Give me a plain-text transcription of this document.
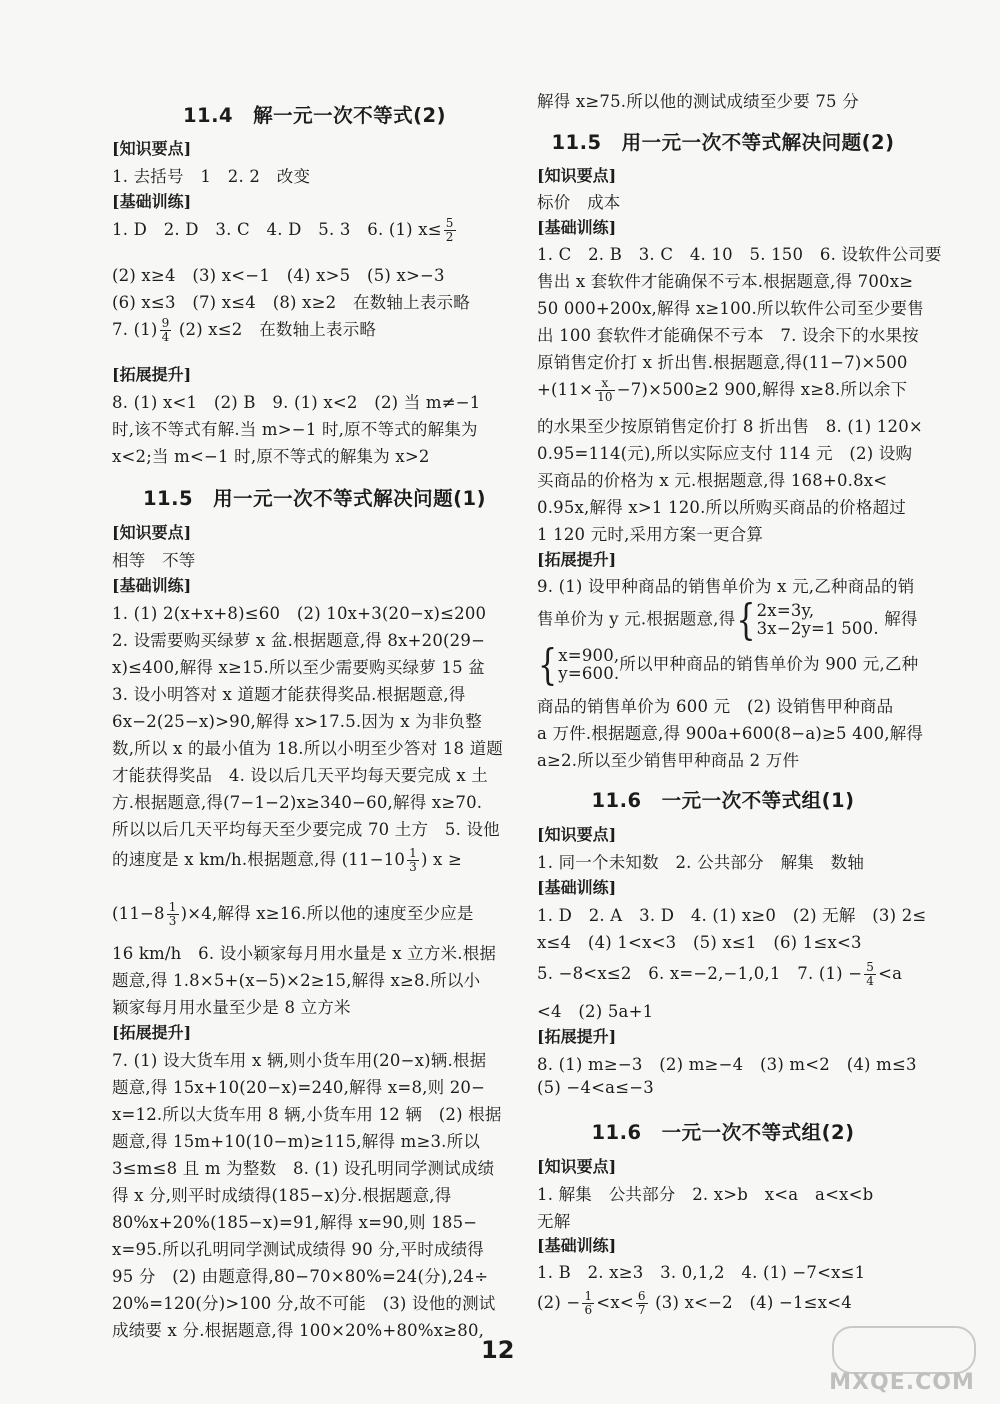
11.4　解一元一次不等式(2)
[知识要点]
1. 去括号　1　2. 2　改变
[基础训练]
1. D　2. D　3. C　4. D　5. 3　6. (1) $x\le \frac{5}{2}$
(2) x≥4　(3) x<−1　(4) x>5　(5) x>−3
(6) x≤3　(7) x≤4　(8) x≥2　在数轴上表示略
7. $(1) \frac{9}{4} (2)$ x≤2　在数轴上表示略
[拓展提升]
8. (1) x<1　(2) B　9. (1) x<2　(2) 当 m≠−1
时,该不等式有解.当 m>−1 时,原不等式的解集为
x<2;当 m<−1 时,原不等式的解集为 x>2
11.5　用一元一次不等式解决问题(1)
[知识要点]
相等　不等
[基础训练]
1. (1) 2(x+x+8)≤60　(2) 10x+3(20−x)≤200
2. 设需要购买绿萝 x 盆.根据题意,得 8x+20(29−
x)≤400,解得 x≥15.所以至少需要购买绿萝 15 盆
3. 设小明答对 x 道题才能获得奖品.根据题意,得
6x−2(25−x)>90,解得 x>17.5.因为 x 为非负整
数,所以 x 的最小值为 18.所以小明至少答对 18 道题
才能获得奖品　4. 设以后几天平均每天要完成 x 土
方.根据题意,得(7−1−2)x≥340−60,解得 x≥70.
所以以后几天平均每天至少要完成 70 土方　5. 设他
的速度是 x km/h.根据题意,得 ($11-10 \frac{1}{3}$ ) x ≥
$(11-8 \frac{1}{3} )\times 4$,解得 x≥16.所以他的速度至少应是
16 km/h　6. 设小颖家每月用水量是 x 立方米.根据
题意,得 1.8×5+(x−5)×2≥15,解得 x≥8.所以小
颖家每月用水量至少是 8 立方米
[拓展提升]
7. (1) 设大货车用 x 辆,则小货车用(20−x)辆.根据
题意,得 15x+10(20−x)=240,解得 x=8,则 20−
x=12.所以大货车用 8 辆,小货车用 12 辆　(2) 根据
题意,得 15m+10(10−m)≥115,解得 m≥3.所以
3≤m≤8 且 m 为整数　8. (1) 设孔明同学测试成绩
得 x 分,则平时成绩得(185−x)分.根据题意,得
80%x+20%(185−x)=91,解得 x=90,则 185−
x=95.所以孔明同学测试成绩得 90 分,平时成绩得
95 分　(2) 由题意得,80−70×80%=24(分),24÷
20%=120(分)>100 分,故不可能　(3) 设他的测试
成绩要 x 分.根据题意,得 100×20%+80%x≥80,
解得 x≥75.所以他的测试成绩至少要 75 分
11.5　用一元一次不等式解决问题(2)
[知识要点]
标价　成本
[基础训练]
1. C　2. B　3. C　4. 10　5. 150　6. 设软件公司要
售出 x 套软件才能确保不亏本.根据题意,得 700x≥
50 000+200x,解得 x≥100.所以软件公司至少要售
出 100 套软件才能确保不亏本　7. 设余下的水果按
原销售定价打 x 折出售.根据题意,得(11−7)×500
$+(11\times \frac{x}{10} -7)\times 500\ge 2$ 900,解得 x≥8.所以余下
的水果至少按原销售定价打 8 折出售　8. (1) 120×
0.95=114(元),所以实际应支付 114 元　(2) 设购
买商品的价格为 x 元.根据题意,得 168+0.8x<
0.95x,解得 x>1 120.所以所购买商品的价格超过
1 120 元时,采用方案一更合算
[拓展提升]
9. (1) 设甲种商品的销售单价为 x 元,乙种商品的销
售单价为 y 元.根据题意,得{ 2x=3y,
3x−2y=1 500. 解得
{ x=900,
y=600. 所以甲种商品的销售单价为 900 元,乙种
商品的销售单价为 600 元　(2) 设销售甲种商品
a 万件.根据题意,得 900a+600(8−a)≥5 400,解得
a≥2.所以至少销售甲种商品 2 万件
11.6　一元一次不等式组(1)
[知识要点]
1. 同一个未知数　2. 公共部分　解集　数轴
[基础训练]
1. D　2. A　3. D　4. (1) x≥0　(2) 无解　(3) 2≤
x≤4　(4) 1<x<3　(5) x≤1　(6) 1≤x<3
5. −8<x≤2　6. x=−2,−1,0,1　7. $(1) - \frac{5}{4} <a$
<4　(2) 5a+1
[拓展提升]
8. (1) m≥−3　(2) m≥−4　(3) m<2　(4) m≤3
(5) −4<a≤−3
11.6　一元一次不等式组(2)
[知识要点]
1. 解集　公共部分　2. x>b　x<a　a<x<b
无解
[基础训练]
1. B　2. x≥3　3. 0,1,2　4. (1) −7<x≤1
$(2) - \frac{1}{6} <x< \frac{6}{7} (3)$ x<−2　(4) −1≤x<4
12
MXQE.COM
